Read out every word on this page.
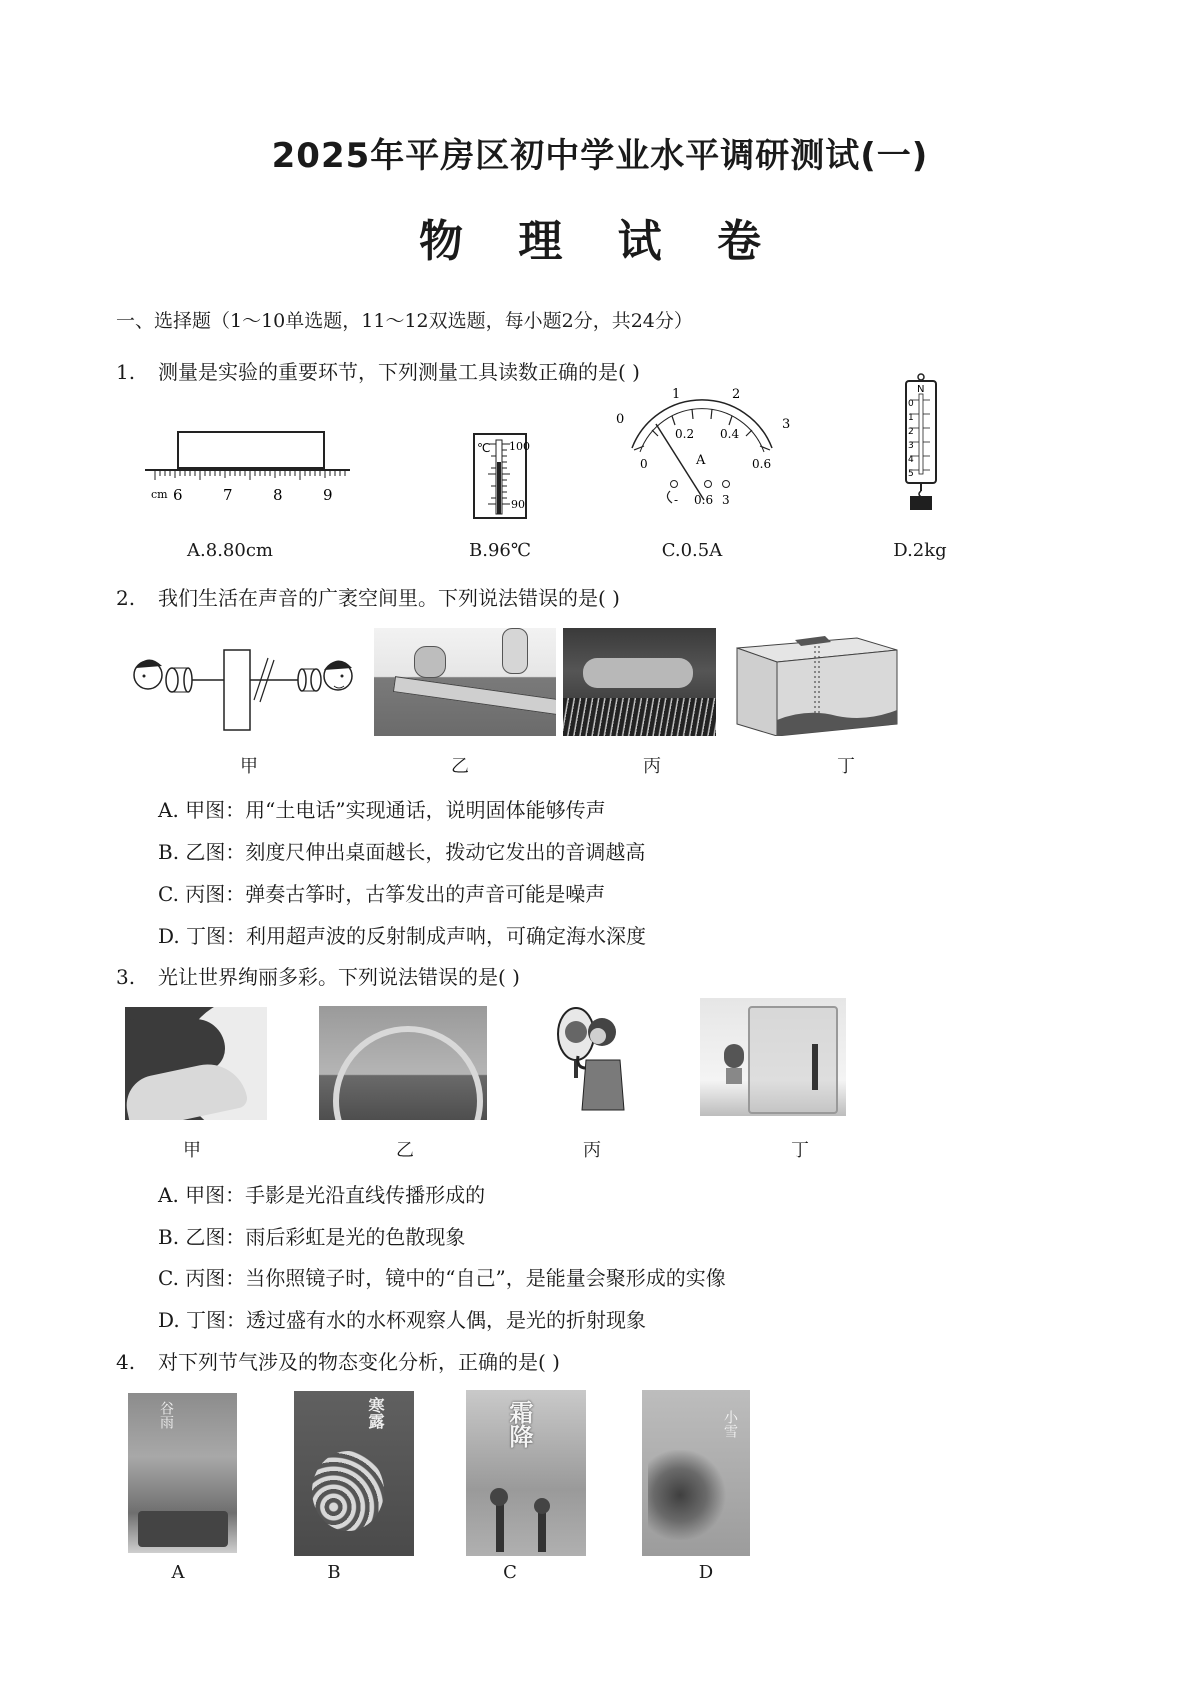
2025年平房区初中学业水平调研测试(一)
物 理 试 卷
一、选择题（1～10单选题，11～12双选题，每小题2分，共24分）
1. 测量是实验的重要环节，下列测量工具读数正确的是( )
cm 6	7	8	9
℃ 100
90
0
1	2
3
0
0.2 0.4
0.6
A
- 0.6 3
N
0
1
2
3
4
5
A.8.80cm	B.96℃	C.0.5A	D.2kg
2. 我们生活在声音的广袤空间里。下列说法错误的是( )
甲	乙	丙	丁
A. 甲图：用“土电话”实现通话，说明固体能够传声
B. 乙图：刻度尺伸出桌面越长，拨动它发出的音调越高
C. 丙图：弹奏古筝时，古筝发出的声音可能是噪声
D. 丁图：利用超声波的反射制成声呐，可确定海水深度
3. 光让世界绚丽多彩。下列说法错误的是( )
甲	乙	丙	丁
A. 甲图：手影是光沿直线传播形成的
B. 乙图：雨后彩虹是光的色散现象
C. 丙图：当你照镜子时，镜中的“自己”，是能量会聚形成的实像
D. 丁图：透过盛有水的水杯观察人偶，是光的折射现象
4. 对下列节气涉及的物态变化分析，正确的是( )
谷雨	寒露	霜降	小雪
A	B	C	D
